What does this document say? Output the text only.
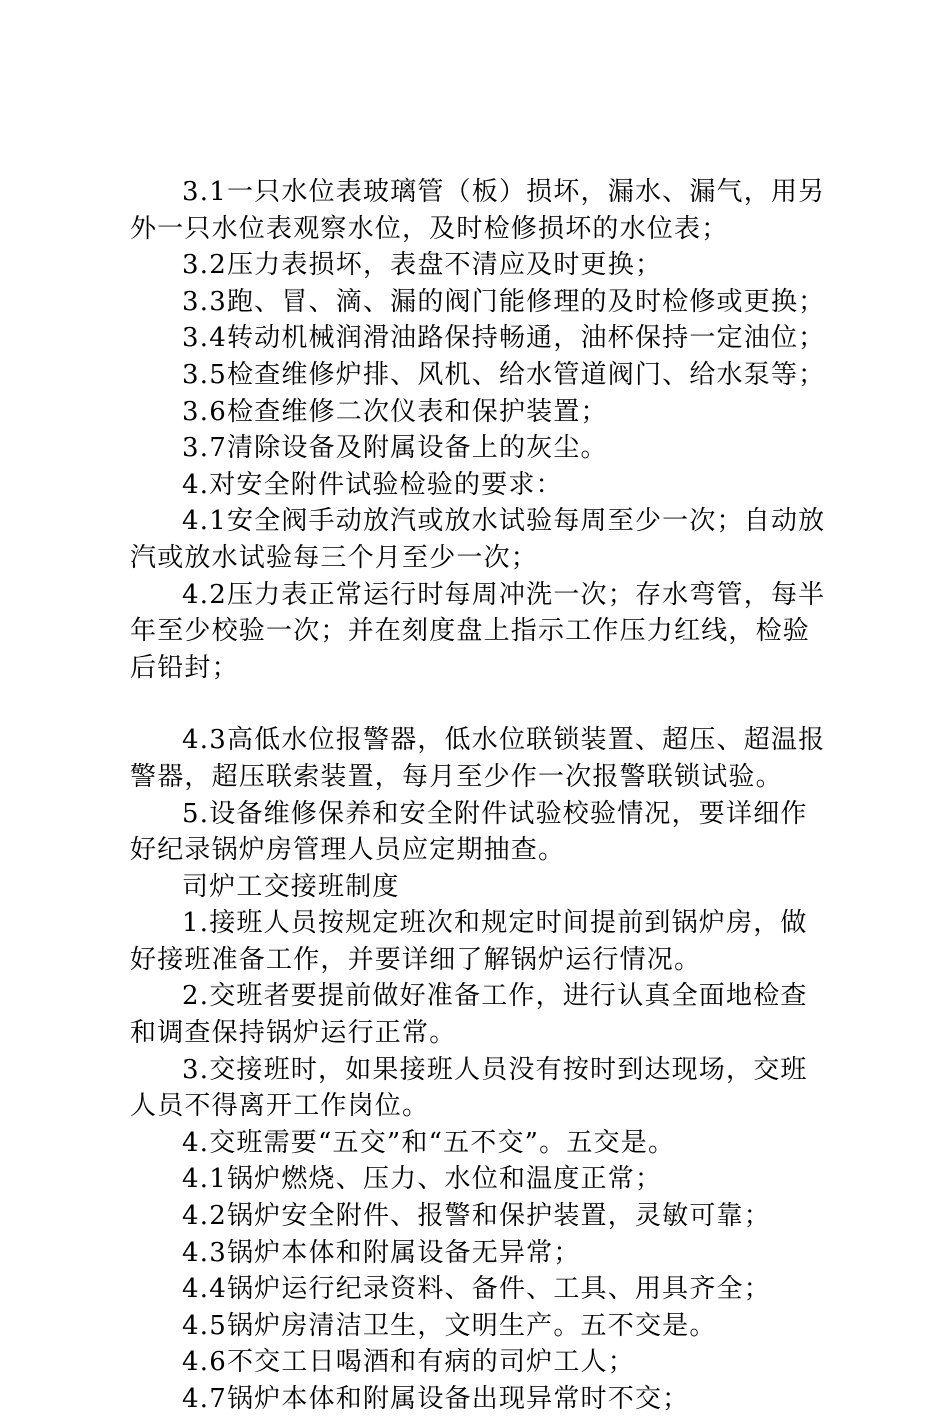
3.1一只水位表玻璃管（板）损坏，漏水、漏气，用另外一只水位表观察水位，及时检修损坏的水位表；

3.2压力表损坏，表盘不清应及时更换；

3.3跑、冒、滴、漏的阀门能修理的及时检修或更换；

3.4转动机械润滑油路保持畅通，油杯保持一定油位；

3.5检查维修炉排、风机、给水管道阀门、给水泵等；

3.6检查维修二次仪表和保护装置；

3.7清除设备及附属设备上的灰尘。

4.对安全附件试验检验的要求：

4.1安全阀手动放汽或放水试验每周至少一次；自动放汽或放水试验每三个月至少一次；

4.2压力表正常运行时每周冲洗一次；存水弯管，每半年至少校验一次；并在刻度盘上指示工作压力红线，检验后铅封；

4.3高低水位报警器，低水位联锁装置、超压、超温报警器，超压联索装置，每月至少作一次报警联锁试验。

5.设备维修保养和安全附件试验校验情况，要详细作好纪录锅炉房管理人员应定期抽查。

司炉工交接班制度

1.接班人员按规定班次和规定时间提前到锅炉房，做好接班准备工作，并要详细了解锅炉运行情况。

2.交班者要提前做好准备工作，进行认真全面地检查和调查保持锅炉运行正常。

3.交接班时，如果接班人员没有按时到达现场，交班人员不得离开工作岗位。

4.交班需要“五交”和“五不交”。五交是。

4.1锅炉燃烧、压力、水位和温度正常；

4.2锅炉安全附件、报警和保护装置，灵敏可靠；

4.3锅炉本体和附属设备无异常；

4.4锅炉运行纪录资料、备件、工具、用具齐全；

4.5锅炉房清洁卫生，文明生产。五不交是。

4.6不交工日喝酒和有病的司炉工人；

4.7锅炉本体和附属设备出现异常时不交；
